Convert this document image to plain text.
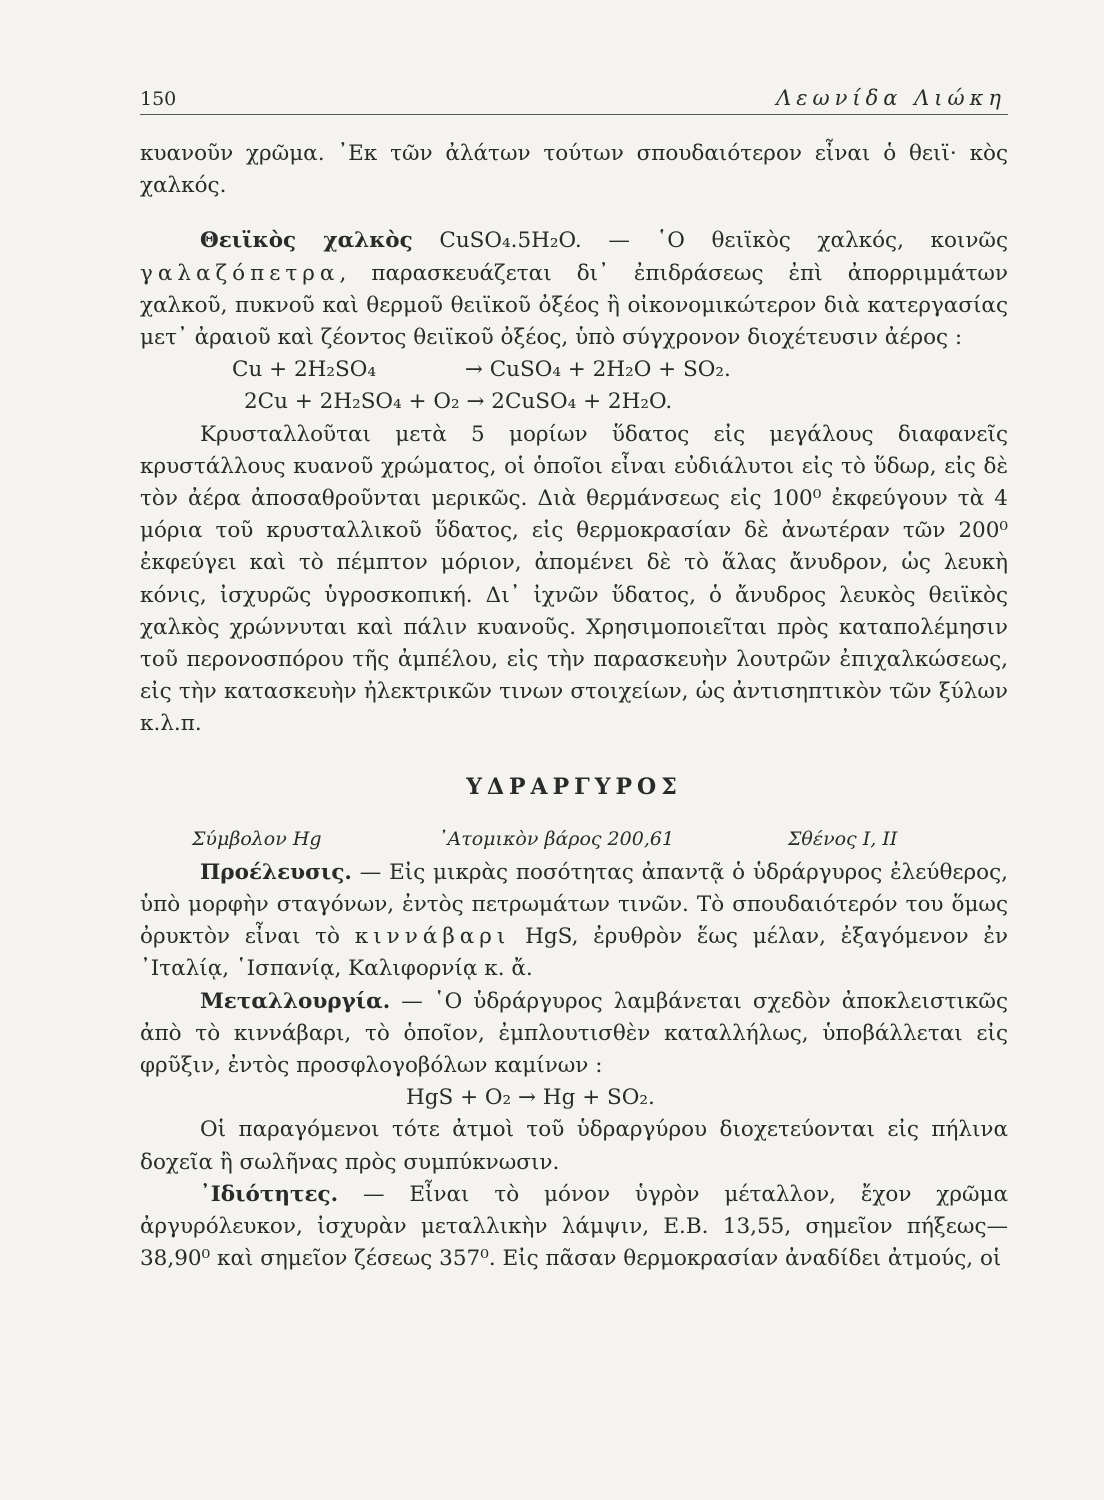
150	Λεωνίδα Λιώκη

κυανοῦν χρῶμα. ᾿Εκ τῶν ἀλάτων τούτων σπουδαιότερον εἶναι ὁ θειϊ· κὸς χαλκός.

Θειϊκὸς χαλκὸς CuSO₄.5H₂O. — ῾Ο θειϊκὸς χαλκός, κοινῶς γαλαζόπετρα, παρασκευάζεται δι᾿ ἐπιδράσεως ἐπὶ ἀπορριμμάτων χαλκοῦ, πυκνοῦ καὶ θερμοῦ θειϊκοῦ ὀξέος ἢ οἰκονομικώτερον διὰ κατεργασίας μετ᾿ ἀραιοῦ καὶ ζέοντος θειϊκοῦ ὀξέος, ὑπὸ σύγχρονον διοχέτευσιν ἀέρος :

Cu + 2H₂SO₄             → CuSO₄ + 2H₂O + SO₂.

2Cu + 2H₂SO₄ + O₂ → 2CuSO₄ + 2H₂O.

Κρυσταλλοῦται μετὰ 5 μορίων ὕδατος εἰς μεγάλους διαφανεῖς κρυστάλλους κυανοῦ χρώματος, οἱ ὁποῖοι εἶναι εὐδιάλυτοι εἰς τὸ ὕδωρ, εἰς δὲ τὸν ἀέρα ἀποσαθροῦνται μερικῶς. Διὰ θερμάνσεως εἰς 100⁰ ἐκφεύγουν τὰ 4 μόρια τοῦ κρυσταλλικοῦ ὕδατος, εἰς θερμοκρασίαν δὲ ἀνωτέραν τῶν 200⁰ ἐκφεύγει καὶ τὸ πέμπτον μόριον, ἀπομένει δὲ τὸ ἅλας ἄνυδρον, ὡς λευκὴ κόνις, ἰσχυρῶς ὑγροσκοπική. Δι᾿ ἰχνῶν ὕδατος, ὁ ἄνυδρος λευκὸς θειϊκὸς χαλκὸς χρώννυται καὶ πάλιν κυανοῦς. Χρησιμοποιεῖται πρὸς καταπολέμησιν τοῦ περονοσπόρου τῆς ἀμπέλου, εἰς τὴν παρασκευὴν λουτρῶν ἐπιχαλκώσεως, εἰς τὴν κατασκευὴν ἠλεκτρικῶν τινων στοιχείων, ὡς ἀντισηπτικὸν τῶν ξύλων κ.λ.π.

ΥΔΡΑΡΓΥΡΟΣ
Σύμβολον Hg	᾿Ατομικὸν βάρος 200,61	Σθένος I, II

Προέλευσις. — Εἰς μικρὰς ποσότητας ἀπαντᾷ ὁ ὑδράργυρος ἐλεύθερος, ὑπὸ μορφὴν σταγόνων, ἐντὸς πετρωμάτων τινῶν. Τὸ σπουδαιότερόν του ὅμως ὀρυκτὸν εἶναι τὸ κιννάβαρι HgS, ἐρυθρὸν ἕως μέλαν, ἐξαγόμενον ἐν ᾿Ιταλίᾳ, ῾Ισπανίᾳ, Καλιφορνίᾳ κ. ἄ.

Μεταλλουργία. — ῾Ο ὑδράργυρος λαμβάνεται σχεδὸν ἀποκλειστικῶς ἀπὸ τὸ κιννάβαρι, τὸ ὁποῖον, ἐμπλουτισθὲν καταλλήλως, ὑποβάλλεται εἰς φρῦξιν, ἐντὸς προσφλογοβόλων καμίνων :

HgS + O₂ → Hg + SO₂.

Οἱ παραγόμενοι τότε ἀτμοὶ τοῦ ὑδραργύρου διοχετεύονται εἰς πήλινα δοχεῖα ἢ σωλῆνας πρὸς συμπύκνωσιν.

᾿Ιδιότητες. — Εἶναι τὸ μόνον ὑγρὸν μέταλλον, ἔχον χρῶμα ἀργυρόλευκον, ἰσχυρὰν μεταλλικὴν λάμψιν, Ε.Β. 13,55, σημεῖον πήξεως—38,90⁰ καὶ σημεῖον ζέσεως 357⁰. Εἰς πᾶσαν θερμοκρασίαν ἀναδίδει ἀτμούς, οἱ
